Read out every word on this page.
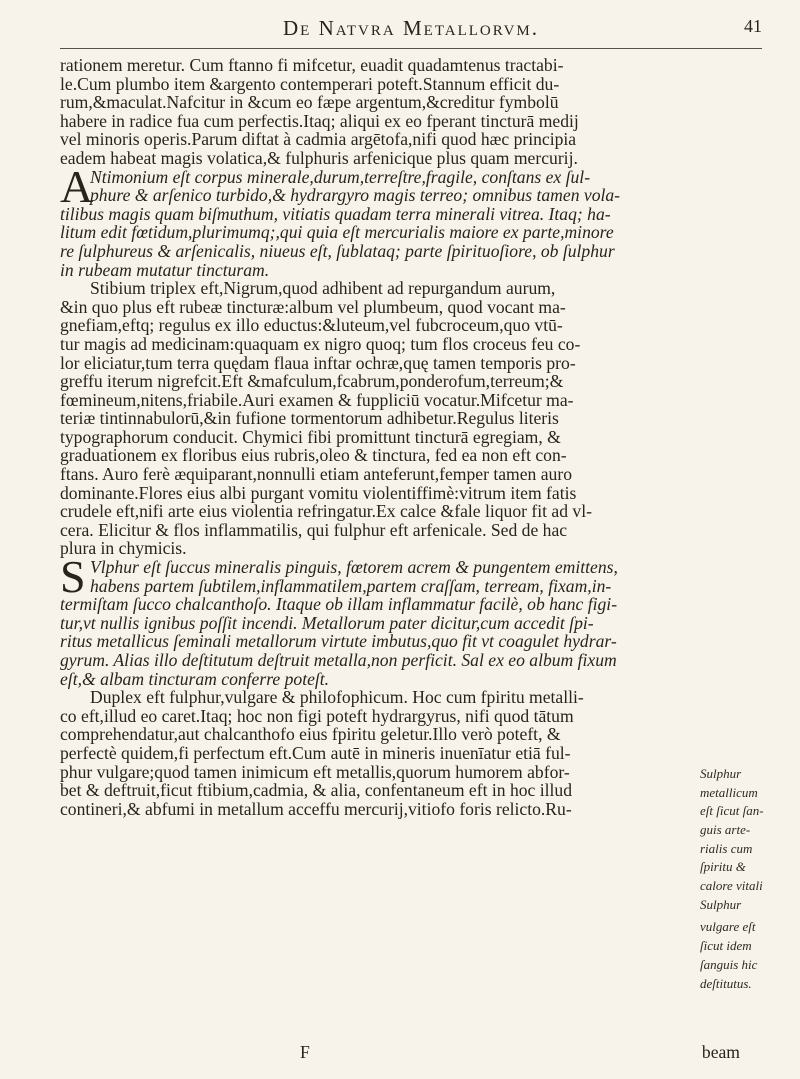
De Natvra Metallorvm.	41
rationem meretur. Cum ftanno fi mifcetur, euadit quadamtenus tractabi-
le.Cum plumbo item &argento contemperari poteft.Stannum efficit du-
rum,&maculat.Nafcitur in &cum eo fæpe argentum,&creditur fymbolū
habere in radice fua cum perfectis.Itaq; aliqui ex eo fperant tincturā medij
vel minoris operis.Parum diftat à cadmia argētofa,nifi quod hæc principia
eadem habeat magis volatica,& fulphuris arfenicique plus quam mercurij.
A
Ntimonium eſt corpus minerale,durum,terreſtre,fragile, conſtans ex ſul-
phure & arſenico turbido,& hydrargyro magis terreo; omnibus tamen vola-
tilibus magis quam biſmuthum, vitiatis quadam terra minerali vitrea. Itaq; ha-
litum edit fœtidum,plurimumq;,qui quia eſt mercurialis maiore ex parte,minore
re ſulphureus & arſenicalis, niueus eſt, ſublataq; parte ſpirituoſiore, ob ſulphur
in rubeam mutatur tincturam.
Stibium triplex eft,Nigrum,quod adhibent ad repurgandum aurum,
&in quo plus eft rubeæ tincturæ:album vel plumbeum, quod vocant ma-
gnefiam,eftq; regulus ex illo eductus:&luteum,vel fubcroceum,quo vtū-
tur magis ad medicinam:quaquam ex nigro quoq; tum flos croceus feu co-
lor eliciatur,tum terra quędam flaua inftar ochræ,quę tamen temporis pro-
greffu iterum nigrefcit.Eft &mafculum,fcabrum,ponderofum,terreum;&
fœmineum,nitens,friabile.Auri examen & fuppliciū vocatur.Mifcetur ma-
teriæ tintinnabulorū,&in fufione tormentorum adhibetur.Regulus literis
typographorum conducit. Chymici fibi promittunt tincturā egregiam, &
graduationem ex floribus eius rubris,oleo & tinctura, fed ea non eft con-
ftans. Auro ferè æquiparant,nonnulli etiam anteferunt,femper tamen auro
dominante.Flores eius albi purgant vomitu violentiffimè:vitrum item fatis
crudele eft,nifi arte eius violentia refringatur.Ex calce &fale liquor fit ad vl-
cera. Elicitur & flos inflammatilis, qui fulphur eft arfenicale. Sed de hac
plura in chymicis.
S Vlphur eſt ſuccus mineralis pinguis, fœtorem acrem & pungentem emittens,
habens partem ſubtilem,inflammatilem,partem craſſam, terream, fixam,in-
termiſtam ſucco chalcanthoſo. Itaque ob illam inflammatur facilè, ob hanc figi-
tur,vt nullis ignibus poſſit incendi. Metallorum pater dicitur,cum accedit ſpi-
ritus metallicus ſeminali metallorum virtute imbutus,quo fit vt coagulet hydrar-
gyrum. Alias illo deſtitutum deſtruit metalla,non perficit. Sal ex eo album fixum
eſt,& albam tincturam conferre poteſt.
Duplex eft fulphur,vulgare & philofophicum. Hoc cum fpiritu metalli-
co eft,illud eo caret.Itaq; hoc non figi poteft hydrargyrus, nifi quod tātum
comprehendatur,aut chalcanthofo eius fpiritu geletur.Illo verò poteft, &
perfectè quidem,fi perfectum eft.Cum autē in mineris inuenīatur etiā ful-
phur vulgare;quod tamen inimicum eft metallis,quorum humorem abfor-
bet & deftruit,ficut ftibium,cadmia, & alia, confentaneum eft in hoc illud
contineri,& abfumi in metallum acceffu mercurij,vitiofo foris relicto.Ru-
Sulphur
metallicum
eſt ſicut ſan-
guis arte-
rialis cum
ſpiritu &
calore vitali
Sulphur
vulgare eſt
ſicut idem
ſanguis hic
deſtitutus.
F	beam
